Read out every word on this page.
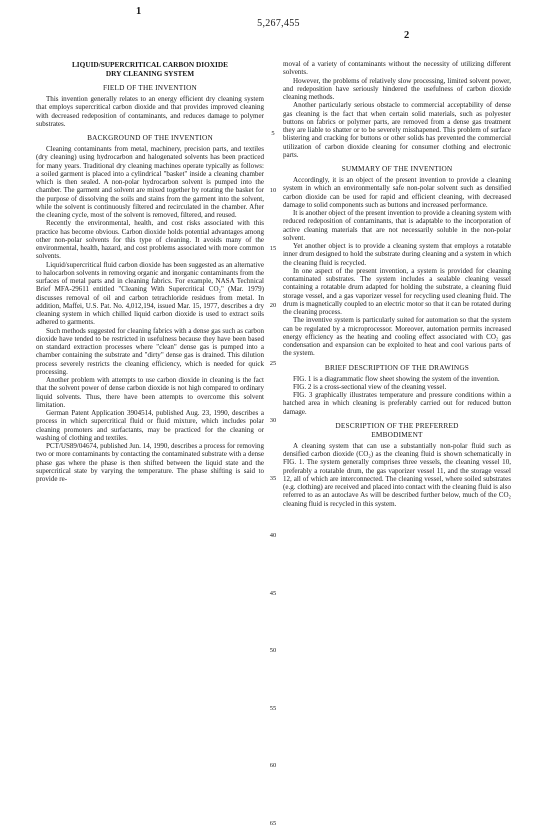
1
5,267,455
2
LIQUID/SUPERCRITICAL CARBON DIOXIDE
DRY CLEANING SYSTEM
FIELD OF THE INVENTION

This invention generally relates to an energy efficient dry cleaning system that employs supercritical carbon dioxide and that provides improved cleaning with decreased redeposition of contaminants, and reduces damage to polymer substrates.

BACKGROUND OF THE INVENTION

Cleaning contaminants from metal, machinery, precision parts, and textiles (dry cleaning) using hydrocarbon and halogenated solvents has been practiced for many years. Traditional dry cleaning machines operate typically as follows: a soiled garment is placed into a cylindrical "basket" inside a cleaning chamber which is then sealed. A non-polar hydrocarbon solvent is pumped into the chamber. The garment and solvent are mixed together by rotating the basket for the purpose of dissolving the soils and stains from the garment into the solvent, while the solvent is continuously filtered and recirculated in the chamber. After the cleaning cycle, most of the solvent is removed, filtered, and reused.

Recently the environmental, health, and cost risks associated with this practice has become obvious. Carbon dioxide holds potential advantages among other non-polar solvents for this type of cleaning. It avoids many of the environmental, health, hazard, and cost problems associated with more common solvents.

Liquid/supercritical fluid carbon dioxide has been suggested as an alternative to halocarbon solvents in removing organic and inorganic contaminants from the surfaces of metal parts and in cleaning fabrics. For example, NASA Technical Brief MFA-29611 entitled "Cleaning With Supercritical CO₂" (Mar. 1979) discusses removal of oil and carbon tetrachloride residues from metal. In addition, Maffei, U.S. Pat. No. 4,012,194, issued Mar. 15, 1977, describes a dry cleaning system in which chilled liquid carbon dioxide is used to extract soils adhered to garments.

Such methods suggested for cleaning fabrics with a dense gas such as carbon dioxide have tended to be restricted in usefulness because they have been based on standard extraction processes where "clean" dense gas is pumped into a chamber containing the substrate and "dirty" dense gas is drained. This dilution process severely restricts the cleaning efficiency, which is needed for quick processing.

Another problem with attempts to use carbon dioxide in cleaning is the fact that the solvent power of dense carbon dioxide is not high compared to ordinary liquid solvents. Thus, there have been attempts to overcome this solvent limitation.

German Patent Application 3904514, published Aug. 23, 1990, describes a process in which supercritical fluid or fluid mixture, which includes polar cleaning promoters and surfactants, may be practiced for the cleaning or washing of clothing and textiles.

PCT/US89/04674, published Jun. 14, 1990, describes a process for removing two or more contaminants by contacting the contaminated substrate with a dense phase gas where the phase is then shifted between the liquid state and the supercritical state by varying the temperature. The phase shifting is said to provide re-

5
10
15
20
25
30
35
40
45
50
55
60
65

moval of a variety of contaminants without the necessity of utilizing different solvents.

However, the problems of relatively slow processing, limited solvent power, and redeposition have seriously hindered the usefulness of carbon dioxide cleaning methods.

Another particularly serious obstacle to commercial acceptability of dense gas cleaning is the fact that when certain solid materials, such as polyester buttons on fabrics or polymer parts, are removed from a dense gas treatment they are liable to shatter or to be severely misshapened. This problem of surface blistering and cracking for buttons or other solids has prevented the commercial utilization of carbon dioxide cleaning for consumer clothing and electronic parts.

SUMMARY OF THE INVENTION

Accordingly, it is an object of the present invention to provide a cleaning system in which an environmentally safe non-polar solvent such as densified carbon dioxide can be used for rapid and efficient cleaning, with decreased damage to solid components such as buttons and increased performance.

It is another object of the present invention to provide a cleaning system with reduced redeposition of contaminants, that is adaptable to the incorporation of active cleaning materials that are not necessarily soluble in the non-polar solvent.

Yet another object is to provide a cleaning system that employs a rotatable inner drum designed to hold the substrate during cleaning and a system in which the cleaning fluid is recycled.

In one aspect of the present invention, a system is provided for cleaning contaminated substrates. The system includes a sealable cleaning vessel containing a rotatable drum adapted for holding the substrate, a cleaning fluid storage vessel, and a gas vaporizer vessel for recycling used cleaning fluid. The drum is magnetically coupled to an electric motor so that it can be rotated during the cleaning process.

The inventive system is particularly suited for automation so that the system can be regulated by a microprocessor. Moreover, automation permits increased energy efficiency as the heating and cooling effect associated with CO₂ gas condensation and expansion can be exploited to heat and cool various parts of the system.

BRIEF DESCRIPTION OF THE DRAWINGS

FIG. 1 is a diagrammatic flow sheet showing the system of the invention.

FIG. 2 is a cross-sectional view of the cleaning vessel.

FIG. 3 graphically illustrates temperature and pressure conditions within a hatched area in which cleaning is preferably carried out for reduced button damage.

DESCRIPTION OF THE PREFERRED
EMBODIMENT

A cleaning system that can use a substantially non-polar fluid such as densified carbon dioxide (CO₂) as the cleaning fluid is shown schematically in FIG. 1. The system generally comprises three vessels, the cleaning vessel 10, preferably a rotatable drum, the gas vaporizer vessel 11, and the storage vessel 12, all of which are interconnected. The cleaning vessel, where soiled substrates (e.g. clothing) are received and placed into contact with the cleaning fluid is also referred to as an autoclave As will be described further below, much of the CO₂ cleaning fluid is recycled in this system.
